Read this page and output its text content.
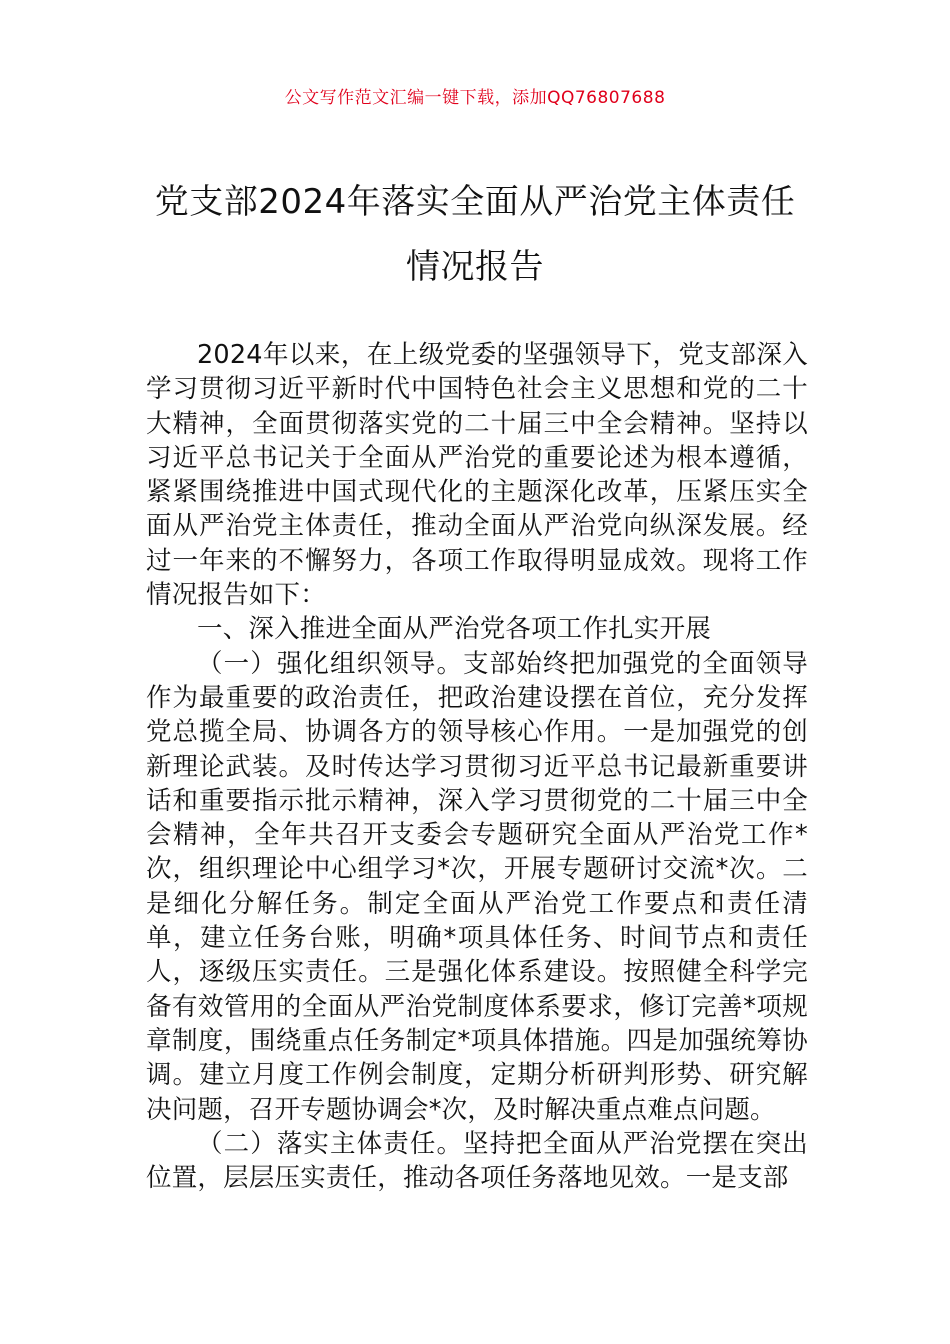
公文写作范文汇编一键下载，添加QQ76807688
党支部2024年落实全面从严治党主体责任
情况报告

2024年以来，在上级党委的坚强领导下，党支部深入学习贯彻习近平新时代中国特色社会主义思想和党的二十大精神，全面贯彻落实党的二十届三中全会精神。坚持以习近平总书记关于全面从严治党的重要论述为根本遵循，紧紧围绕推进中国式现代化的主题深化改革，压紧压实全面从严治党主体责任，推动全面从严治党向纵深发展。经过一年来的不懈努力，各项工作取得明显成效。现将工作情况报告如下：

一、深入推进全面从严治党各项工作扎实开展

（一）强化组织领导。支部始终把加强党的全面领导作为最重要的政治责任，把政治建设摆在首位，充分发挥党总揽全局、协调各方的领导核心作用。一是加强党的创新理论武装。及时传达学习贯彻习近平总书记最新重要讲话和重要指示批示精神，深入学习贯彻党的二十届三中全会精神，全年共召开支委会专题研究全面从严治党工作*次，组织理论中心组学习*次，开展专题研讨交流*次。二是细化分解任务。制定全面从严治党工作要点和责任清单，建立任务台账，明确*项具体任务、时间节点和责任人，逐级压实责任。三是强化体系建设。按照健全科学完备有效管用的全面从严治党制度体系要求，修订完善*项规章制度，围绕重点任务制定*项具体措施。四是加强统筹协调。建立月度工作例会制度，定期分析研判形势、研究解决问题，召开专题协调会*次，及时解决重点难点问题。

（二）落实主体责任。坚持把全面从严治党摆在突出位置，层层压实责任，推动各项任务落地见效。一是支部
